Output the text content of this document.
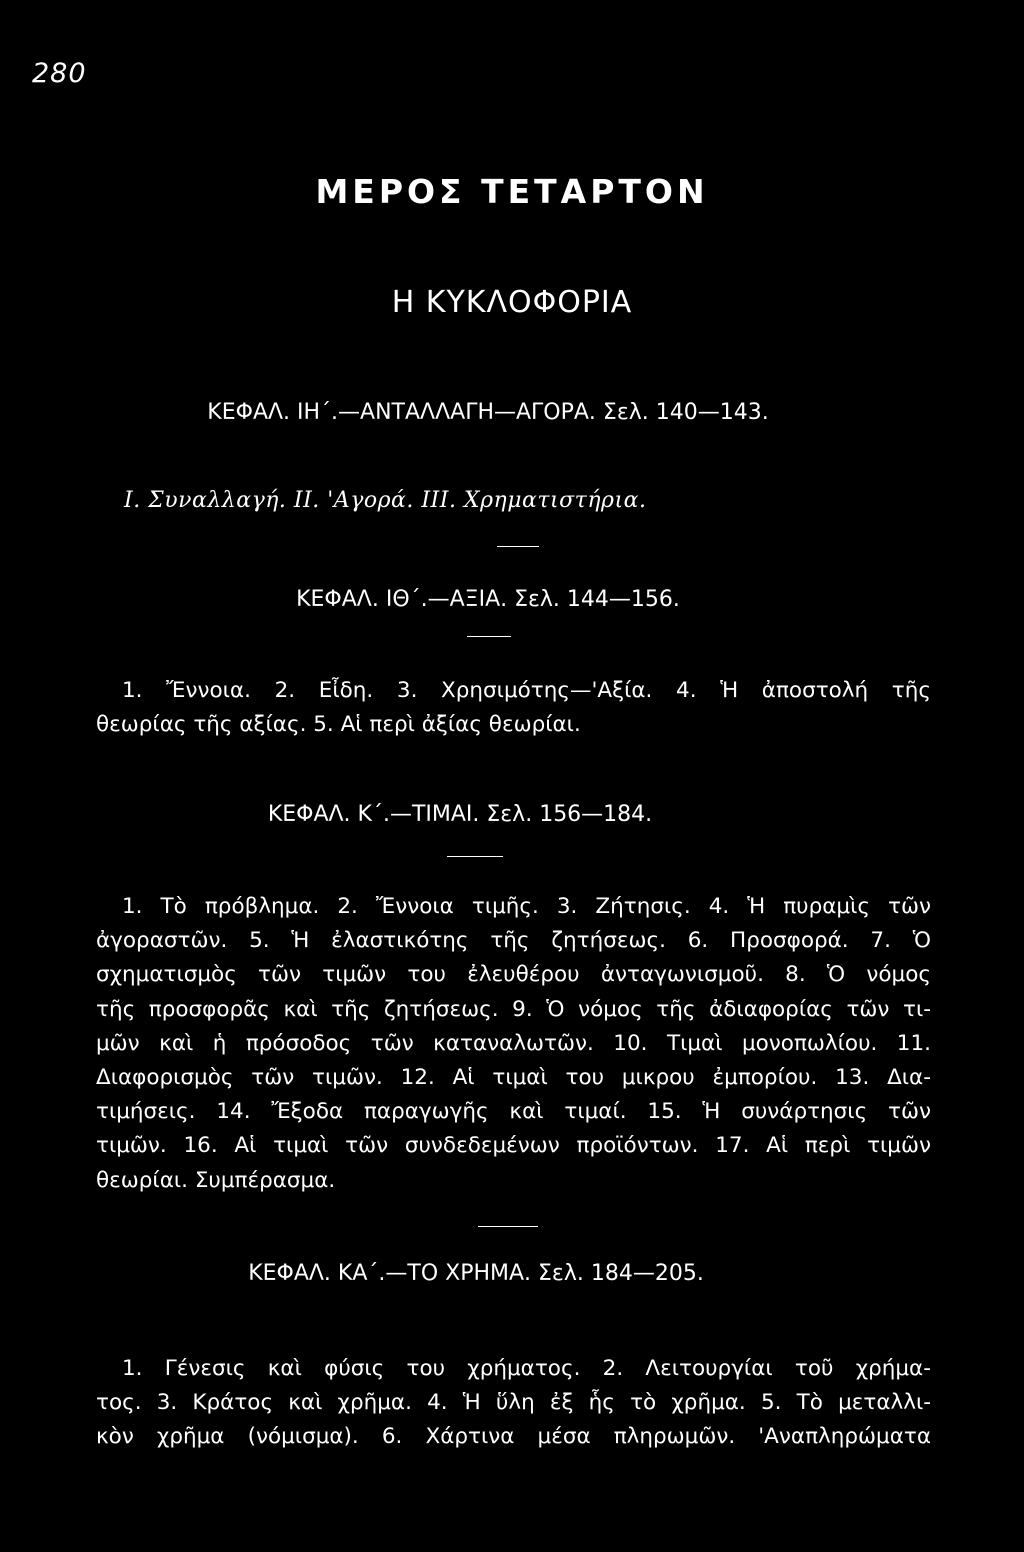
280
ΜΕΡΟΣ ΤΕΤΑΡΤΟΝ
Η ΚΥΚΛΟΦΟΡΙΑ
ΚΕΦΑΛ. ΙΗ΄.—ΑΝΤΑΛΛΑΓΗ—ΑΓΟΡΑ. Σελ. 140—143.
Ι. Συναλλαγή. ΙΙ. 'Αγορά. ΙΙΙ. Χρηματιστήρια.
ΚΕΦΑΛ. ΙΘ΄.—ΑΞΙΑ. Σελ. 144—156.
1. Ἔννοια. 2. Εἶδη. 3. Χρησιμότης—'Αξία. 4. Ἡ ἀποστολή τῆς
θεωρίας τῆς αξίας. 5. Αἱ περὶ ἀξίας θεωρίαι.
ΚΕΦΑΛ. Κ΄.—ΤΙΜΑΙ. Σελ. 156—184.
1. Τὸ πρόβλημα. 2. Ἔννοια τιμῆς. 3. Ζήτησις. 4. Ἡ πυραμὶς τῶν
ἀγοραστῶν. 5. Ἡ ἐλαστικότης τῆς ζητήσεως. 6. Προσφορά. 7. Ὁ
σχηματισμὸς τῶν τιμῶν του ἐλευθέρου ἀνταγωνισμοῦ. 8. Ὁ νόμος
τῆς προσφορᾶς καὶ τῆς ζητήσεως. 9. Ὁ νόμος τῆς ἀδιαφορίας τῶν τι-
μῶν καὶ ἡ πρόσοδος τῶν καταναλωτῶν. 10. Τιμαὶ μονοπωλίου. 11.
Διαφορισμὸς τῶν τιμῶν. 12. Αἱ τιμαὶ του μικρου ἐμπορίου. 13. Δια-
τιμήσεις. 14. Ἔξοδα παραγωγῆς καὶ τιμαί. 15. Ἡ συνάρτησις τῶν
τιμῶν. 16. Αἱ τιμαὶ τῶν συνδεδεμένων προϊόντων. 17. Αἱ περὶ τιμῶν
θεωρίαι. Συμπέρασμα.
ΚΕΦΑΛ. ΚΑ΄.—ΤΟ ΧΡΗΜΑ. Σελ. 184—205.
1. Γένεσις καὶ φύσις του χρήματος. 2. Λειτουργίαι τοῦ χρήμα-
τος. 3. Κράτος καὶ χρῆμα. 4. Ἡ ὕλη ἐξ ἧς τὸ χρῆμα. 5. Τὸ μεταλλι-
κὸν χρῆμα (νόμισμα). 6. Χάρτινα μέσα πληρωμῶν. 'Αναπληρώματα
